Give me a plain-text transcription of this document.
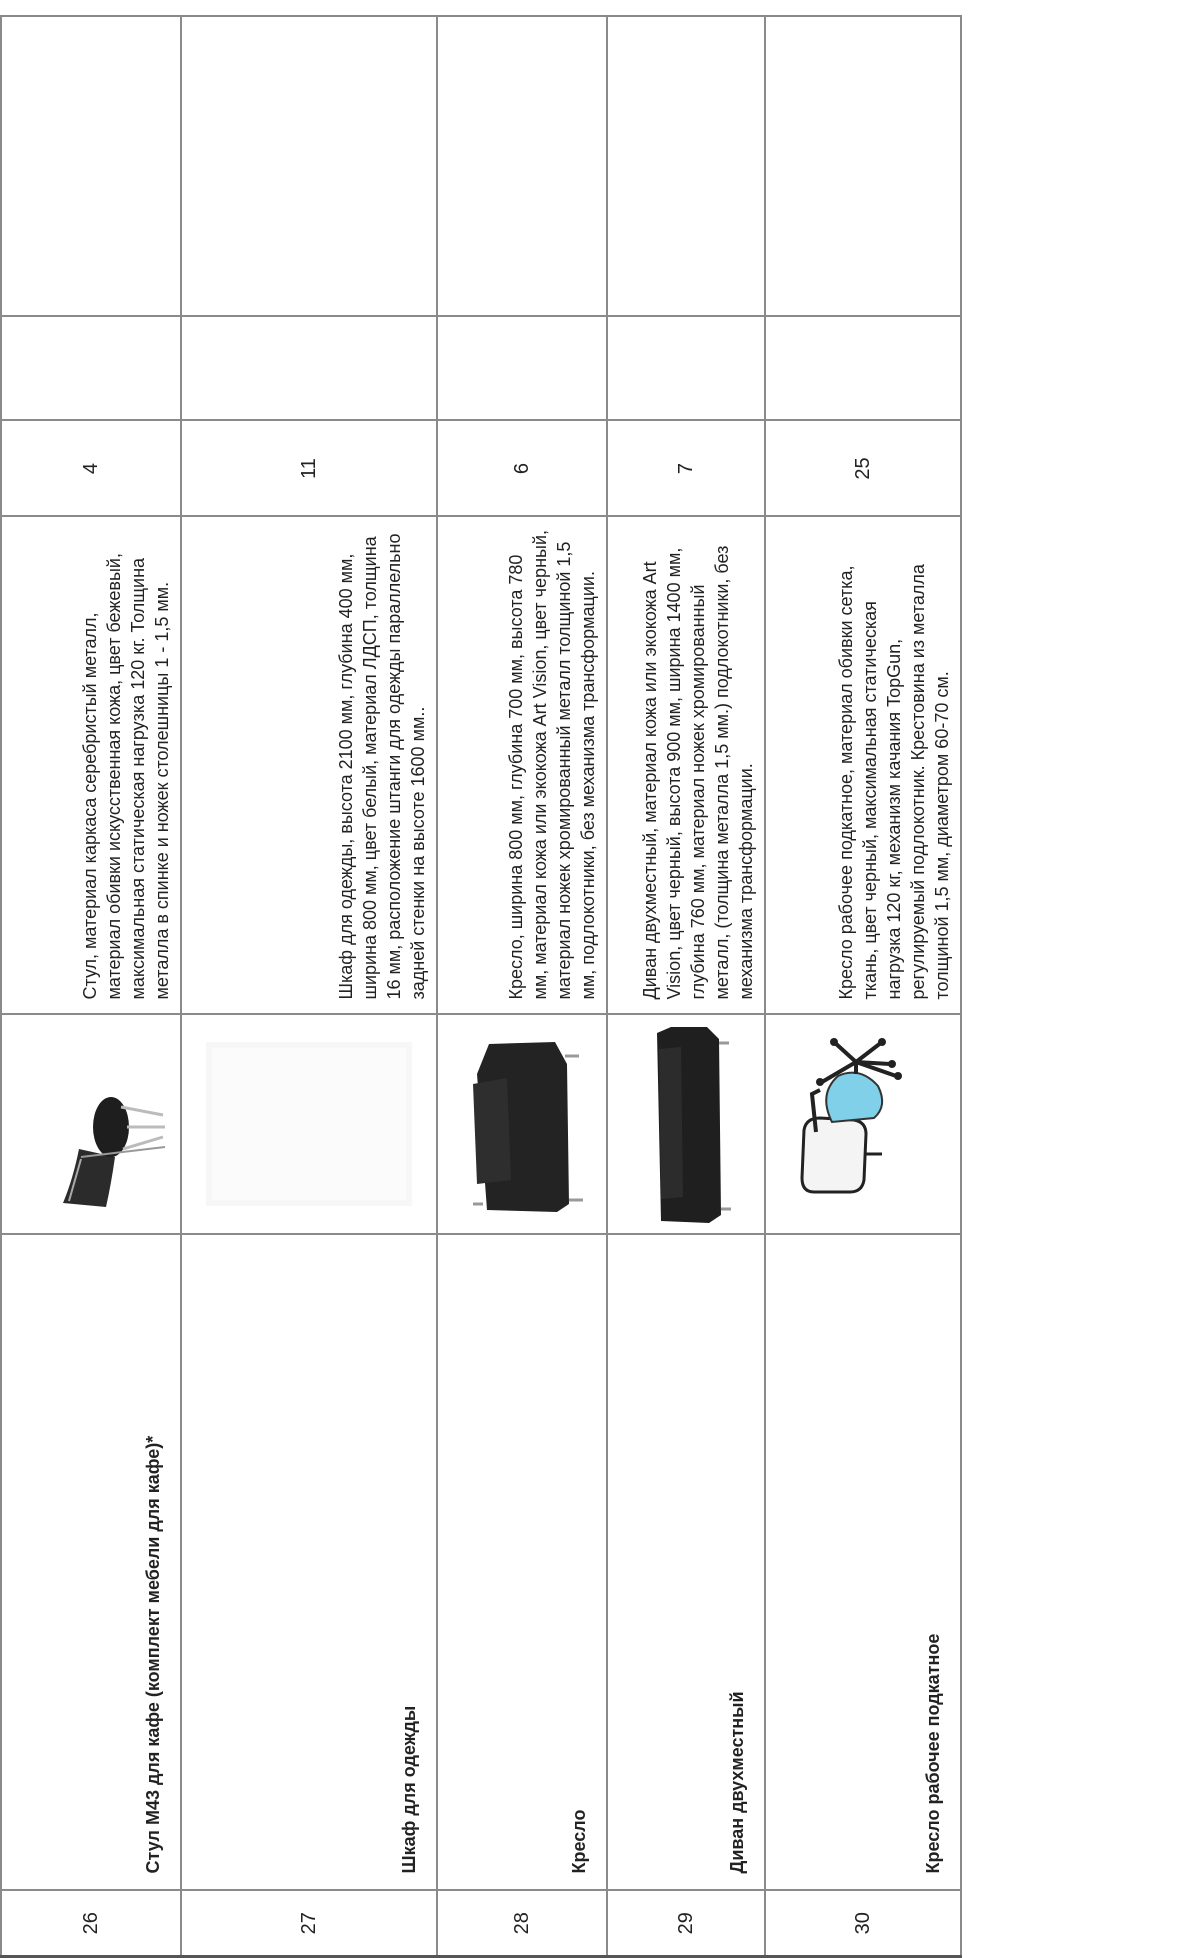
26	Стул M43 для кафе (комплект мебели для кафе)*		Стул, материал каркаса серебристый металл, материал обивки искусственная кожа, цвет бежевый, максимальная статическая нагрузка 120 кг. Толщина металла в спинке и ножек столешницы 1 - 1,5 мм.	4		
27	Шкаф для одежды		Шкаф для одежды, высота 2100 мм, глубина 400 мм, ширина 800 мм, цвет белый, материал ЛДСП, толщина 16 мм, расположение штанги для одежды параллельно задней стенки на высоте 1600 мм..	11		
28	Кресло		Кресло, ширина 800 мм, глубина 700 мм, высота 780 мм, материал кожа или экокожа Art Vision, цвет черный, материал ножек хромированный металл толщиной 1,5 мм, подлокотники, без механизма трансформации.	6		
29	Диван двухместный		Диван двухместный, материал кожа или экокожа Art Vision, цвет черный, высота 900 мм, ширина 1400 мм, глубина 760 мм, материал ножек хромированный металл, (толщина металла 1,5 мм.) подлокотники, без механизма трансформации.	7		
30	Кресло рабочее подкатное		Кресло рабочее подкатное, материал обивки сетка, ткань, цвет черный, максимальная статическая нагрузка 120 кг, механизм качания TopGun, регулируемый подлокотник. Крестовина из металла толщиной 1,5 мм, диаметром 60-70 см.	25		
